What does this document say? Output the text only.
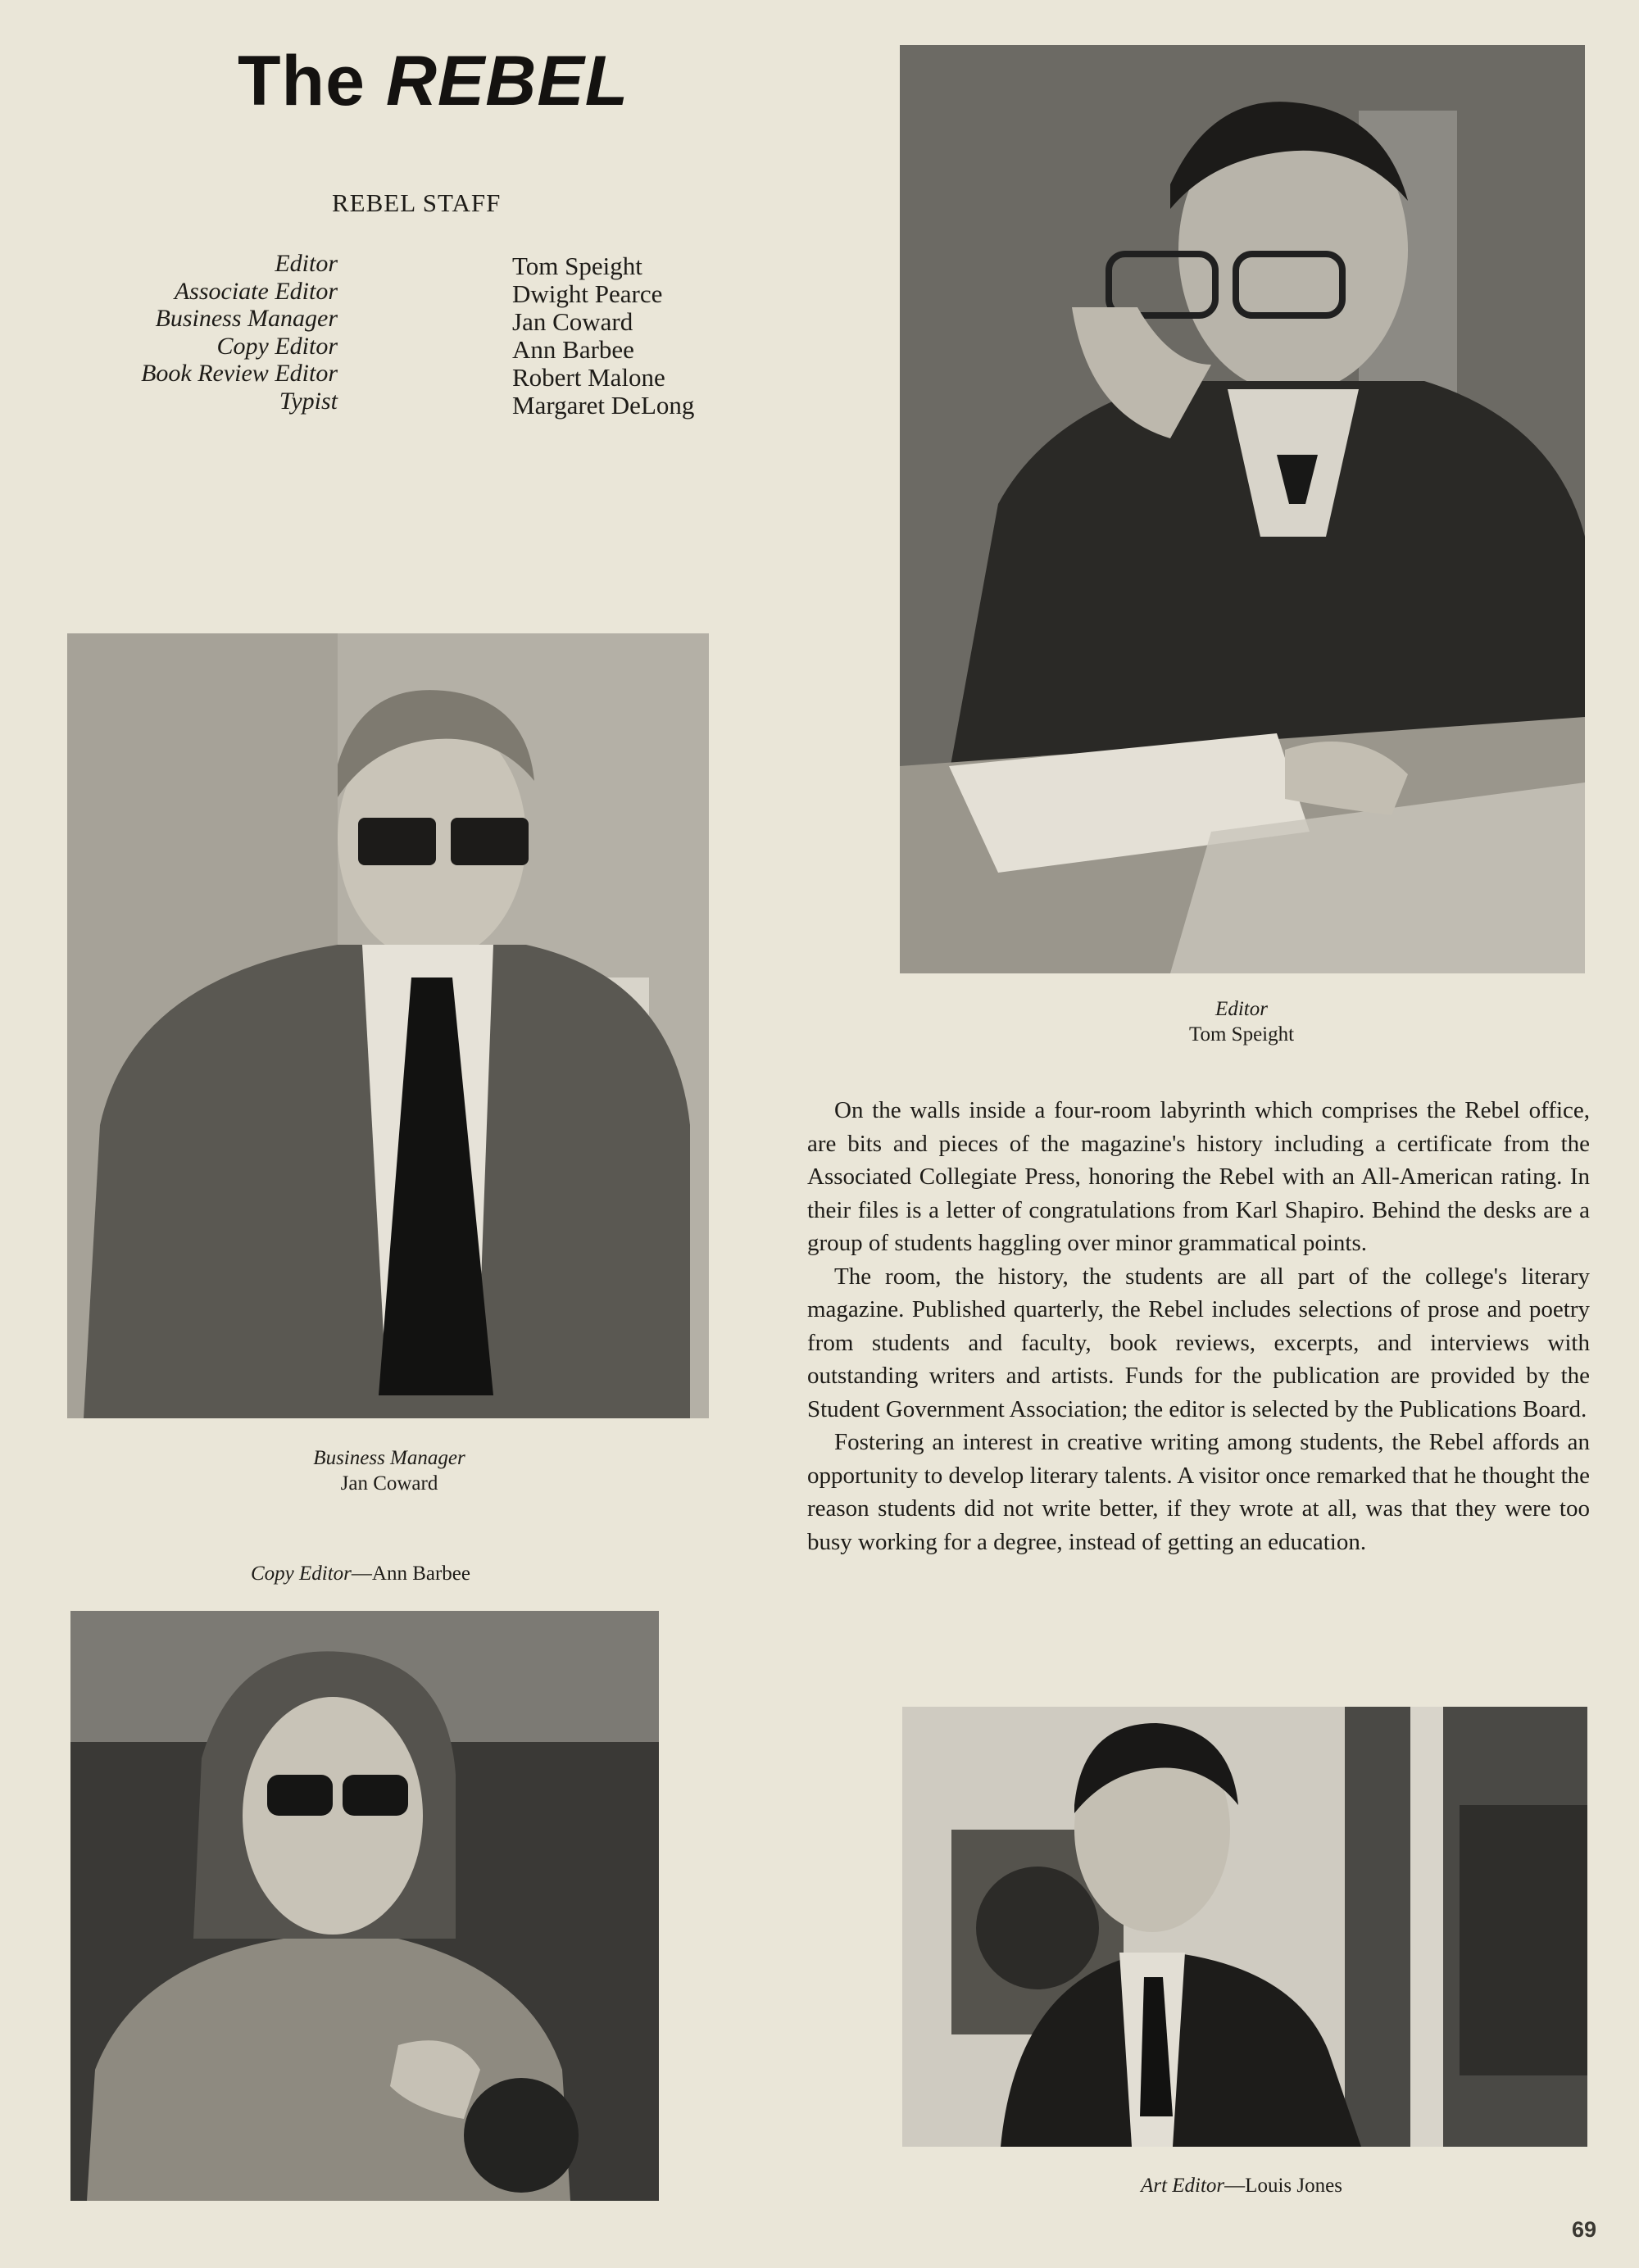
The REBEL
REBEL STAFF
Editor
Associate Editor
Business Manager
Copy Editor
Book Review Editor
Typist
Tom Speight
Dwight Pearce
Jan Coward
Ann Barbee
Robert Malone
Margaret DeLong
Editor
Tom Speight
Business Manager
Jan Coward
Copy Editor—Ann Barbee

On the walls inside a four-room labyrinth which comprises the Rebel office, are bits and pieces of the magazine's history including a certificate from the Associated Collegiate Press, honoring the Rebel with an All-American rating. In their files is a letter of congratulations from Karl Shapiro. Behind the desks are a group of students haggling over minor grammatical points.

The room, the history, the students are all part of the college's literary magazine. Published quarterly, the Rebel includes selections of prose and poetry from students and faculty, book reviews, excerpts, and interviews with outstanding writers and artists. Funds for the publication are provided by the Student Government Association; the editor is selected by the Publications Board.

Fostering an interest in creative writing among students, the Rebel affords an opportunity to develop literary talents. A visitor once remarked that he thought the reason students did not write better, if they wrote at all, was that they were too busy working for a degree, instead of getting an education.

Art Editor—Louis Jones
69
